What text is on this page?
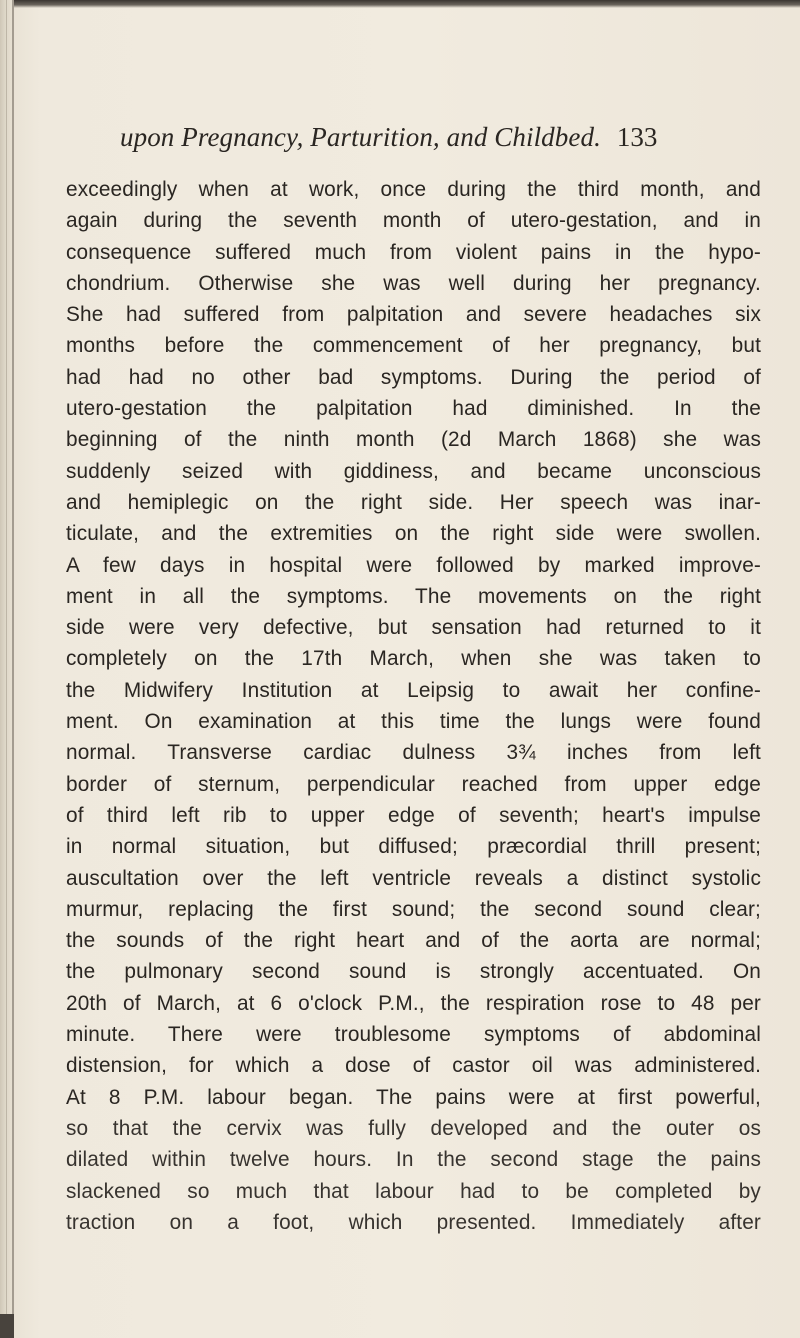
upon Pregnancy, Parturition, and Childbed. 133
exceedingly when at work, once during the third month, and
again during the seventh month of utero-gestation, and in
consequence suffered much from violent pains in the hypo-
chondrium. Otherwise she was well during her pregnancy.
She had suffered from palpitation and severe headaches six
months before the commencement of her pregnancy, but
had had no other bad symptoms. During the period of
utero-gestation the palpitation had diminished. In the
beginning of the ninth month (2d March 1868) she was
suddenly seized with giddiness, and became unconscious
and hemiplegic on the right side. Her speech was inar-
ticulate, and the extremities on the right side were swollen.
A few days in hospital were followed by marked improve-
ment in all the symptoms. The movements on the right
side were very defective, but sensation had returned to it
completely on the 17th March, when she was taken to
the Midwifery Institution at Leipsig to await her confine-
ment. On examination at this time the lungs were found
normal. Transverse cardiac dulness 3¾ inches from left
border of sternum, perpendicular reached from upper edge
of third left rib to upper edge of seventh; heart's impulse
in normal situation, but diffused; præcordial thrill present;
auscultation over the left ventricle reveals a distinct systolic
murmur, replacing the first sound; the second sound clear;
the sounds of the right heart and of the aorta are normal;
the pulmonary second sound is strongly accentuated. On
20th of March, at 6 o'clock P.M., the respiration rose to 48 per
minute. There were troublesome symptoms of abdominal
distension, for which a dose of castor oil was administered.
At 8 P.M. labour began. The pains were at first powerful,
so that the cervix was fully developed and the outer os
dilated within twelve hours. In the second stage the pains
slackened so much that labour had to be completed by
traction on a foot, which presented. Immediately after
